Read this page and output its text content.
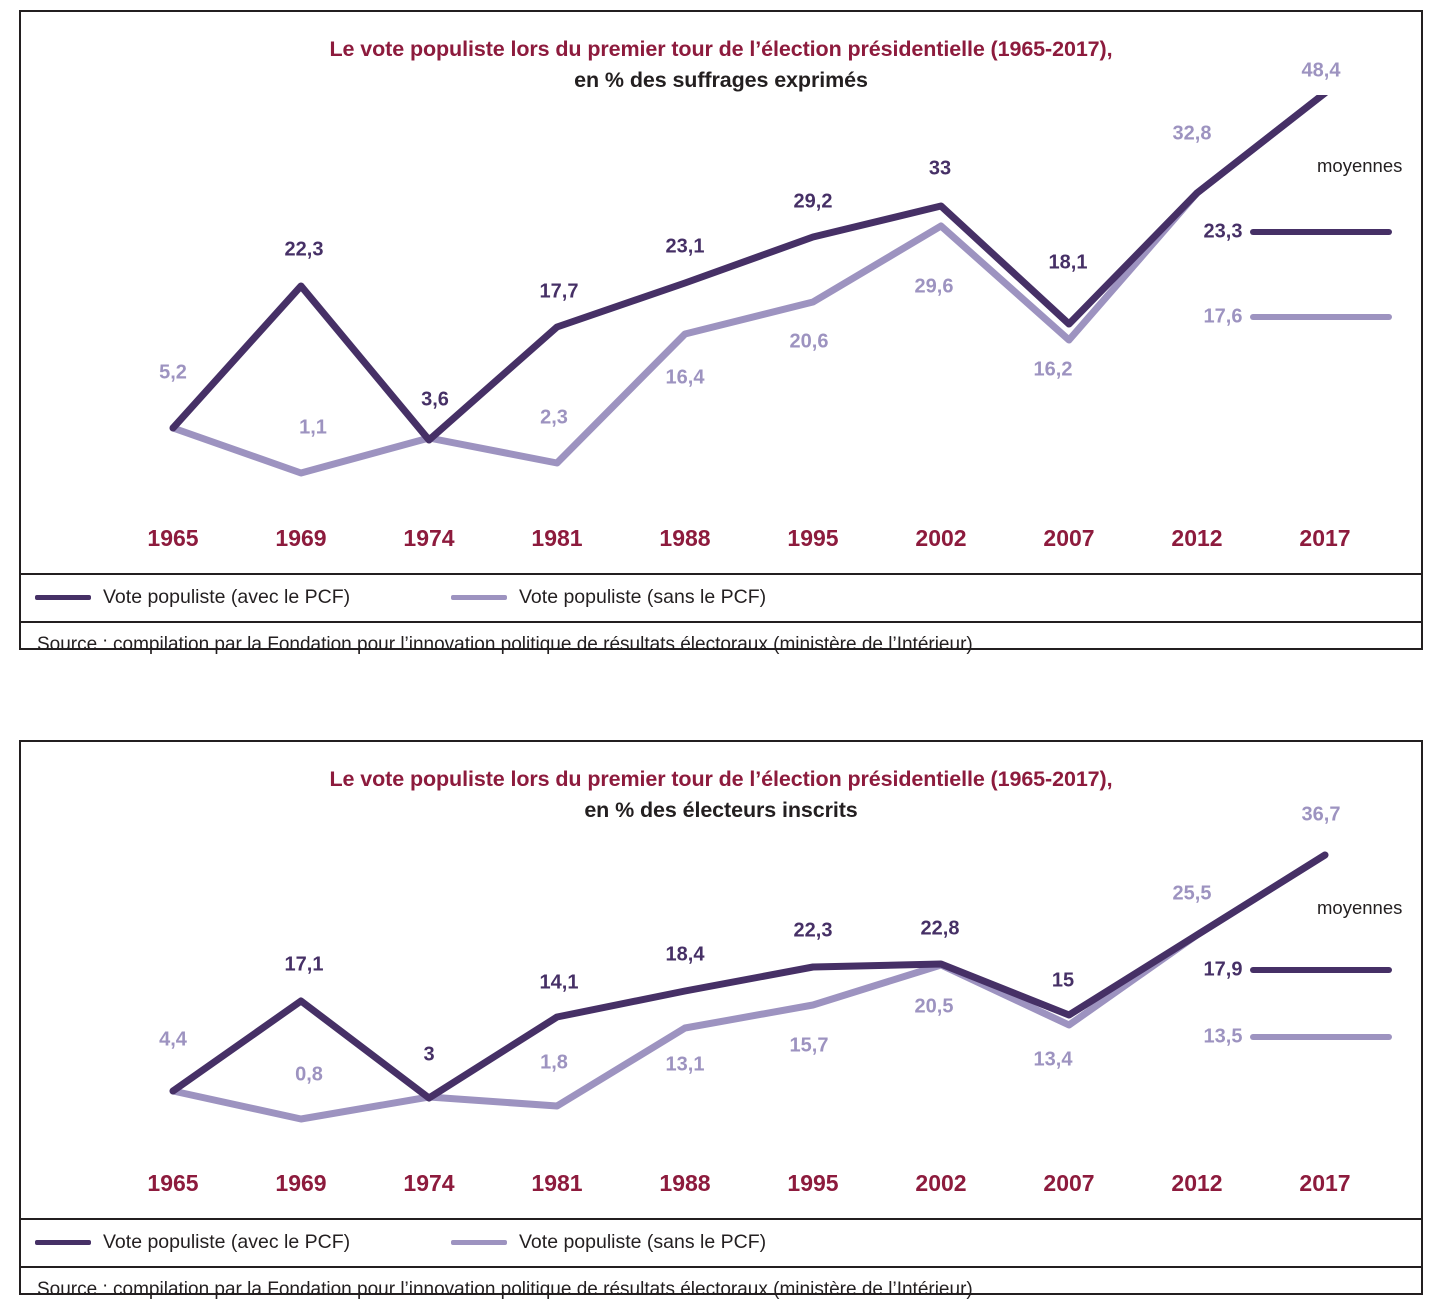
Le vote populiste lors du premier tour de l’élection présidentielle (1965-2017),
en % des suffrages exprimés
5,2
22,3
3,6
17,7
23,1
29,2
33
18,1
32,8
48,4
1,1	2,3
16,4
20,6
29,6
16,2
moyennes
23,3
17,6
1965	1969	1974	1981	1988	1995	2002	2007	2012	2017
Vote populiste (avec le PCF)	Vote populiste (sans le PCF)
Source : compilation par la Fondation pour l’innovation politique de résultats électoraux (ministère de l’Intérieur)
Le vote populiste lors du premier tour de l’élection présidentielle (1965-2017),
en % des électeurs inscrits
4,4
17,1
3
14,1
18,4
22,3	22,8
15
25,5
36,7
0,8
1,8	13,1
15,7
20,5
13,4
moyennes
17,9
13,5
1965	1969	1974	1981	1988	1995	2002	2007	2012	2017
Vote populiste (avec le PCF)	Vote populiste (sans le PCF)
Source : compilation par la Fondation pour l’innovation politique de résultats électoraux (ministère de l’Intérieur)
